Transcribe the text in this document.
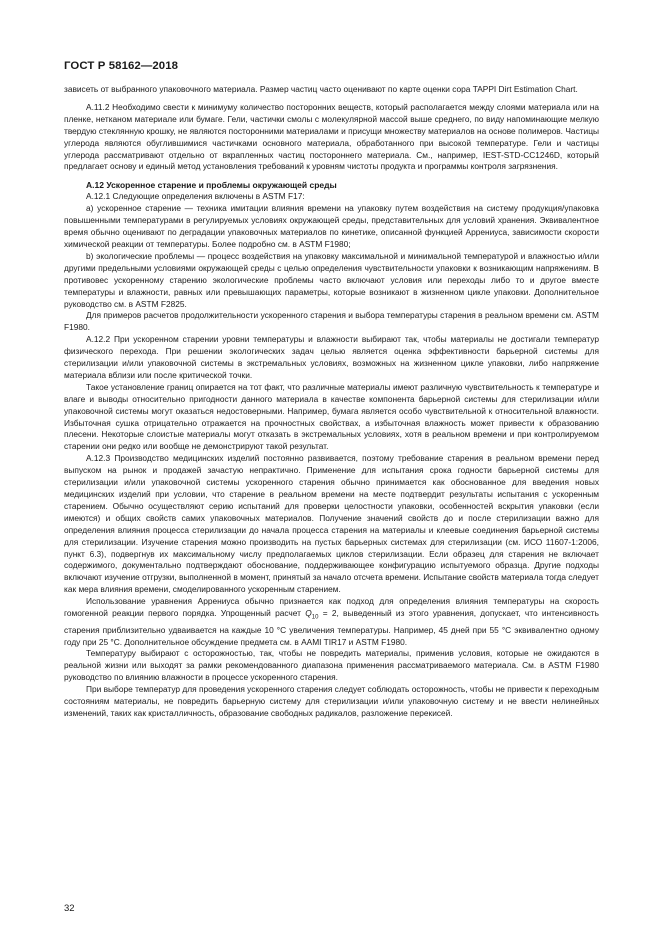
ГОСТ Р 58162—2018

зависеть от выбранного упаковочного материала. Размер частиц часто оценивают по карте оценки сора TAPPI Dirt Estimation Chart.

А.11.2 Необходимо свести к минимуму количество посторонних веществ, который располагается между слоями материала или на пленке, нетканом материале или бумаге. Гели, частички смолы с молекулярной массой выше среднего, по виду напоминающие мелкую твердую стеклянную крошку, не являются посторонними материалами и присущи множеству материалов на основе полимеров. Частицы углерода являются обуглившимися частичками основного материала, обработанного при высокой температуре. Гели и частицы углерода рассматривают отдельно от вкрапленных частиц постороннего материала. См., например, IEST-STD-CC1246D, который предлагает основу и единый метод установления требований к уровням чистоты продукта и программы контроля загрязнения.

А.12 Ускоренное старение и проблемы окружающей среды

А.12.1 Следующие определения включены в ASTM F17:

а) ускоренное старение — техника имитации влияния времени на упаковку путем воздействия на систему продукция/упаковка повышенными температурами в регулируемых условиях окружающей среды, представительных для условий хранения. Эквивалентное время обычно оценивают по деградации упаковочных материалов по кинетике, описанной функцией Аррениуса, зависимости скорости химической реакции от температуры. Более подробно см. в ASTM F1980;

b) экологические проблемы — процесс воздействия на упаковку максимальной и минимальной температурой и влажностью и/или другими предельными условиями окружающей среды с целью определения чувствительности упаковки к возникающим напряжениям. В противовес ускоренному старению экологические проблемы часто включают условия или переходы либо то и другое вместе температуры и влажности, равных или превышающих параметры, которые возникают в жизненном цикле упаковки. Дополнительное руководство см. в ASTM F2825.

Для примеров расчетов продолжительности ускоренного старения и выбора температуры старения в реальном времени см. ASTM F1980.

А.12.2 При ускоренном старении уровни температуры и влажности выбирают так, чтобы материалы не достигали температур физического перехода. При решении экологических задач целью является оценка эффективности барьерной системы для стерилизации и/или упаковочной системы в экстремальных условиях, возможных на жизненном цикле упаковки, либо напряжение материала вблизи или после критической точки.

Такое установление границ опирается на тот факт, что различные материалы имеют различную чувствительность к температуре и влаге и выводы относительно пригодности данного материала в качестве компонента барьерной системы для стерилизации и/или упаковочной системы могут оказаться недостоверными. Например, бумага является особо чувствительной к относительной влажности. Избыточная сушка отрицательно отражается на прочностных свойствах, а избыточная влажность может привести к образованию плесени. Некоторые слоистые материалы могут отказать в экстремальных условиях, хотя в реальном времени и при контролируемом старении они редко или вообще не демонстрируют такой результат.

А.12.3 Производство медицинских изделий постоянно развивается, поэтому требование старения в реальном времени перед выпуском на рынок и продажей зачастую непрактично. Применение для испытания срока годности барьерной системы для стерилизации и/или упаковочной системы ускоренного старения обычно принимается как обоснованное для введения новых медицинских изделий при условии, что старение в реальном времени на месте подтвердит результаты испытания с ускоренным старением. Обычно осуществляют серию испытаний для проверки целостности упаковки, особенностей вскрытия упаковки (если имеются) и общих свойств самих упаковочных материалов. Получение значений свойств до и после стерилизации важно для определения влияния процесса стерилизации до начала процесса старения на материалы и клеевые соединения барьерной системы для стерилизации. Изучение старения можно производить на пустых барьерных системах для стерилизации (см. ИСО 11607-1:2006, пункт 6.3), подвергнув их максимальному числу предполагаемых циклов стерилизации. Если образец для старения не включает содержимого, документально подтверждают обоснование, поддерживающее конфигурацию испытуемого образца. Другие подходы включают изучение отгрузки, выполненной в момент, принятый за начало отсчета времени. Испытание свойств материала тогда следует как мера влияния времени, смоделированного ускоренным старением.

Использование уравнения Аррениуса обычно признается как подход для определения влияния температуры на скорость гомогенной реакции первого порядка. Упрощенный расчет $Q_{10} = 2$, выведенный из этого уравнения, допускает, что интенсивность старения приблизительно удваивается на каждые 10 °С увеличения температуры. Например, 45 дней при 55 °С эквивалентно одному году при 25 °С. Дополнительное обсуждение предмета см. в AAMI TIR17 и ASTM F1980.

Температуру выбирают с осторожностью, так, чтобы не повредить материалы, применив условия, которые не ожидаются в реальной жизни или выходят за рамки рекомендованного диапазона применения рассматриваемого материала. См. в ASTM F1980 руководство по влиянию влажности в процессе ускоренного старения.

При выборе температур для проведения ускоренного старения следует соблюдать осторожность, чтобы не привести к переходным состояниям материалы, не повредить барьерную систему для стерилизации и/или упаковочную систему и не ввести нелинейных изменений, таких как кристалличность, образование свободных радикалов, разложение перекисей.

32
